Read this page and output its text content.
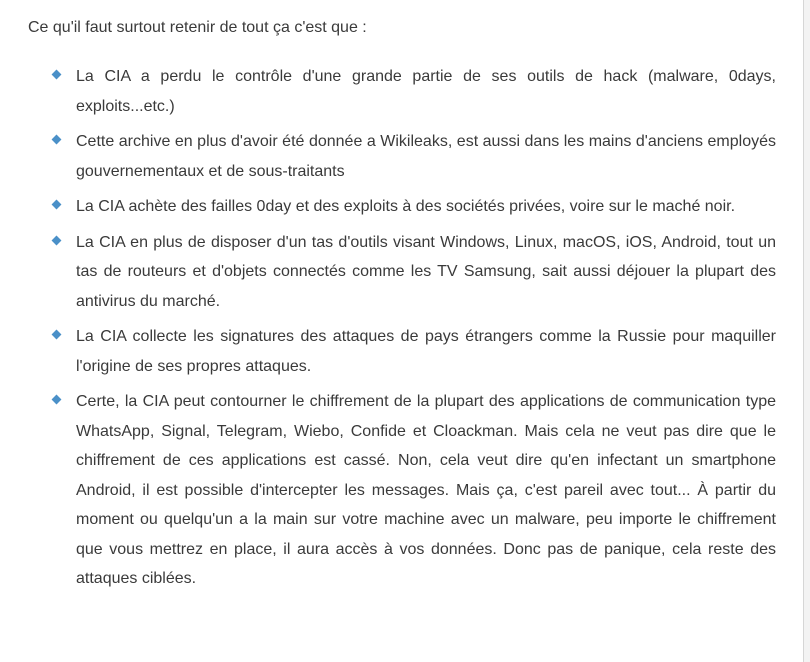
Ce qu'il faut surtout retenir de tout ça c'est que :

La CIA a perdu le contrôle d'une grande partie de ses outils de hack (malware, 0days, exploits...etc.)
Cette archive en plus d'avoir été donnée a Wikileaks, est aussi dans les mains d'anciens employés gouvernementaux et de sous-traitants
La CIA achète des failles 0day et des exploits à des sociétés privées, voire sur le maché noir.
La CIA en plus de disposer d'un tas d'outils visant Windows, Linux, macOS, iOS, Android, tout un tas de routeurs et d'objets connectés comme les TV Samsung, sait aussi déjouer la plupart des antivirus du marché.
La CIA collecte les signatures des attaques de pays étrangers comme la Russie pour maquiller l'origine de ses propres attaques.
Certe, la CIA peut contourner le chiffrement de la plupart des applications de communication type WhatsApp, Signal, Telegram, Wiebo, Confide et Cloackman. Mais cela ne veut pas dire que le chiffrement de ces applications est cassé. Non, cela veut dire qu'en infectant un smartphone Android, il est possible d'intercepter les messages. Mais ça, c'est pareil avec tout... À partir du moment ou quelqu'un a la main sur votre machine avec un malware, peu importe le chiffrement que vous mettrez en place, il aura accès à vos données. Donc pas de panique, cela reste des attaques ciblées.
